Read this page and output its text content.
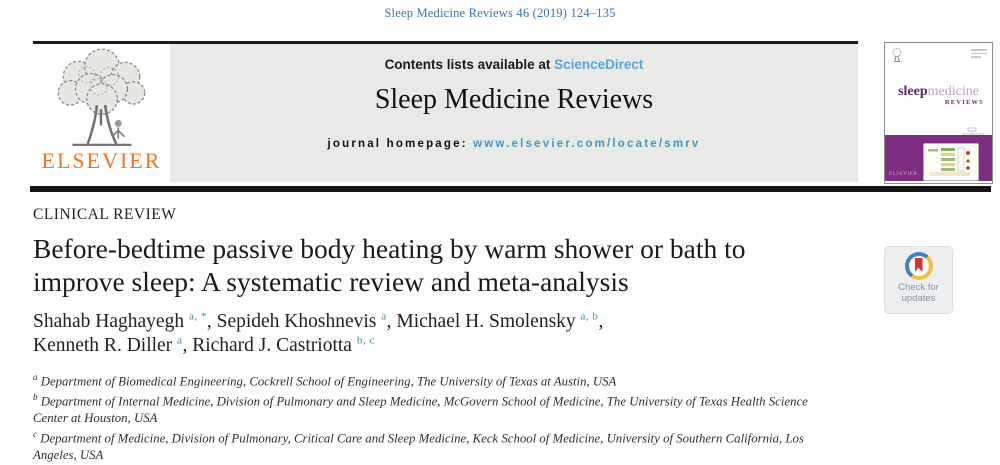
Sleep Medicine Reviews 46 (2019) 124–135
ELSEVIER
Contents lists available at ScienceDirect
Sleep Medicine Reviews
journal homepage: www.elsevier.com/locate/smrv
sleepmedicine
REVIEWS
ELSEVIER
CLINICAL REVIEW
Before-bedtime passive body heating by warm shower or bath to
improve sleep: A systematic review and meta-analysis
Shahab Haghayegh $^{a, *}$, Sepideh Khoshnevis $^a$, Michael H. Smolensky $^{a, b}$,
Kenneth R. Diller $^a$, Richard J. Castriotta $^{b, c}$
$^a$ Department of Biomedical Engineering, Cockrell School of Engineering, The University of Texas at Austin, USA
$^b$ Department of Internal Medicine, Division of Pulmonary and Sleep Medicine, McGovern School of Medicine, The University of Texas Health Science Center at Houston, USA
$^c$ Department of Medicine, Division of Pulmonary, Critical Care and Sleep Medicine, Keck School of Medicine, University of Southern California, Los Angeles, USA
Check for
updates
